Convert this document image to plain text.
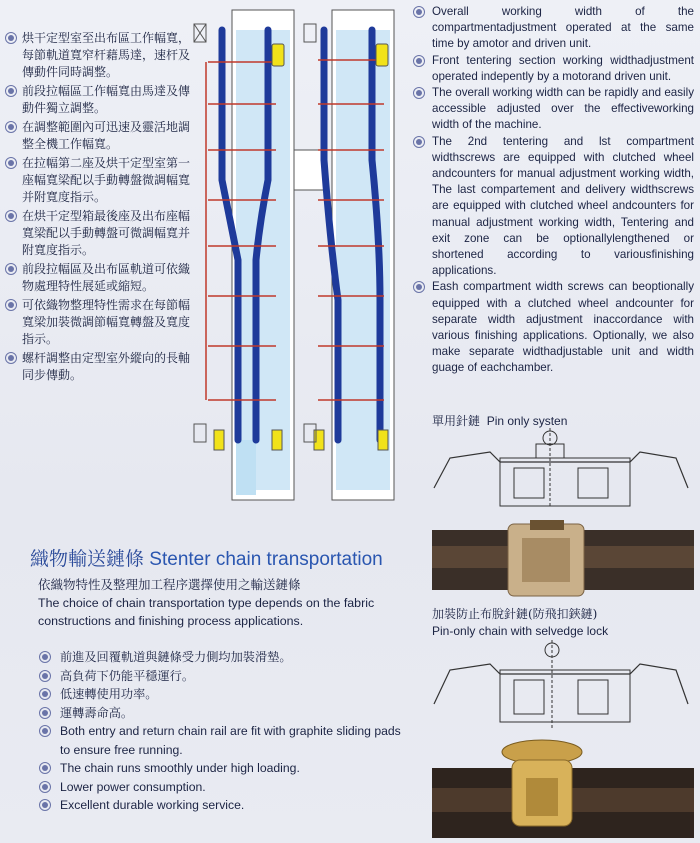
烘干定型室至出布區工作幅寬，每節軌道寬窄杆藉馬達，速杆及傳動件同時調整。
前段拉幅區工作幅寬由馬達及傳動件獨立調整。
在調整範圍內可迅速及靈活地調整全機工作幅寬。
在拉幅第二座及烘干定型室第一座幅寬梁配以手動轉盤微調幅寬并附寬度指示。
在烘干定型箱最後座及出布座幅寬梁配以手動轉盤可微調幅寬并附寬度指示。
前段拉幅區及出布區軌道可依織物處理特性展延或縮短。
可依織物整理特性需求在每節幅寬梁加裝微調節幅寬轉盤及寬度指示。
螺杆調整由定型室外縱向的長軸同步傳動。
Overall working width of the compartmentadjustment operated at the same time by amotor and driven unit.
Front tentering section working widthadjustment operated indepently by a motorand driven unit.
The overall working width can be rapidly and easily accessible adjusted over the effectiveworking width of the machine.
The 2nd tentering and lst compartment widthscrews are equipped with clutched wheel andcounters for manual adjustment working width, The last compartement and delivery widthscrews are equipped with clutched wheel andcounters for manual adjustment working width, Tentering and exit zone can be optionallylengthened or shortened according to variousfinishing applications.
Eash compartment width screws can beoptionally equipped with a clutched wheel andcounter for separate width adjustment inaccordance with various finishing applications. Optionally, we also make separate widthadjustable unit and width guage of eachchamber.
單用針鏈 Pin only systen
加裝防止布脫針鏈(防飛扣鋏鏈)
Pin-only chain with selvedge lock
織物輸送鏈條 Stenter chain transportation
依織物特性及整理加工程序選擇使用之輸送鏈條
The choice of chain transportation type depends on the fabric constructions and finishing process applications.
前進及回覆軌道與鏈條受力側均加裝滑墊。
高負荷下仍能平穩運行。
低速轉使用功率。
運轉壽命高。
Both entry and return chain rail are fit with graphite sliding pads to ensure free running.
The chain runs smoothly under high loading.
Lower power consumption.
Excellent durable working service.
